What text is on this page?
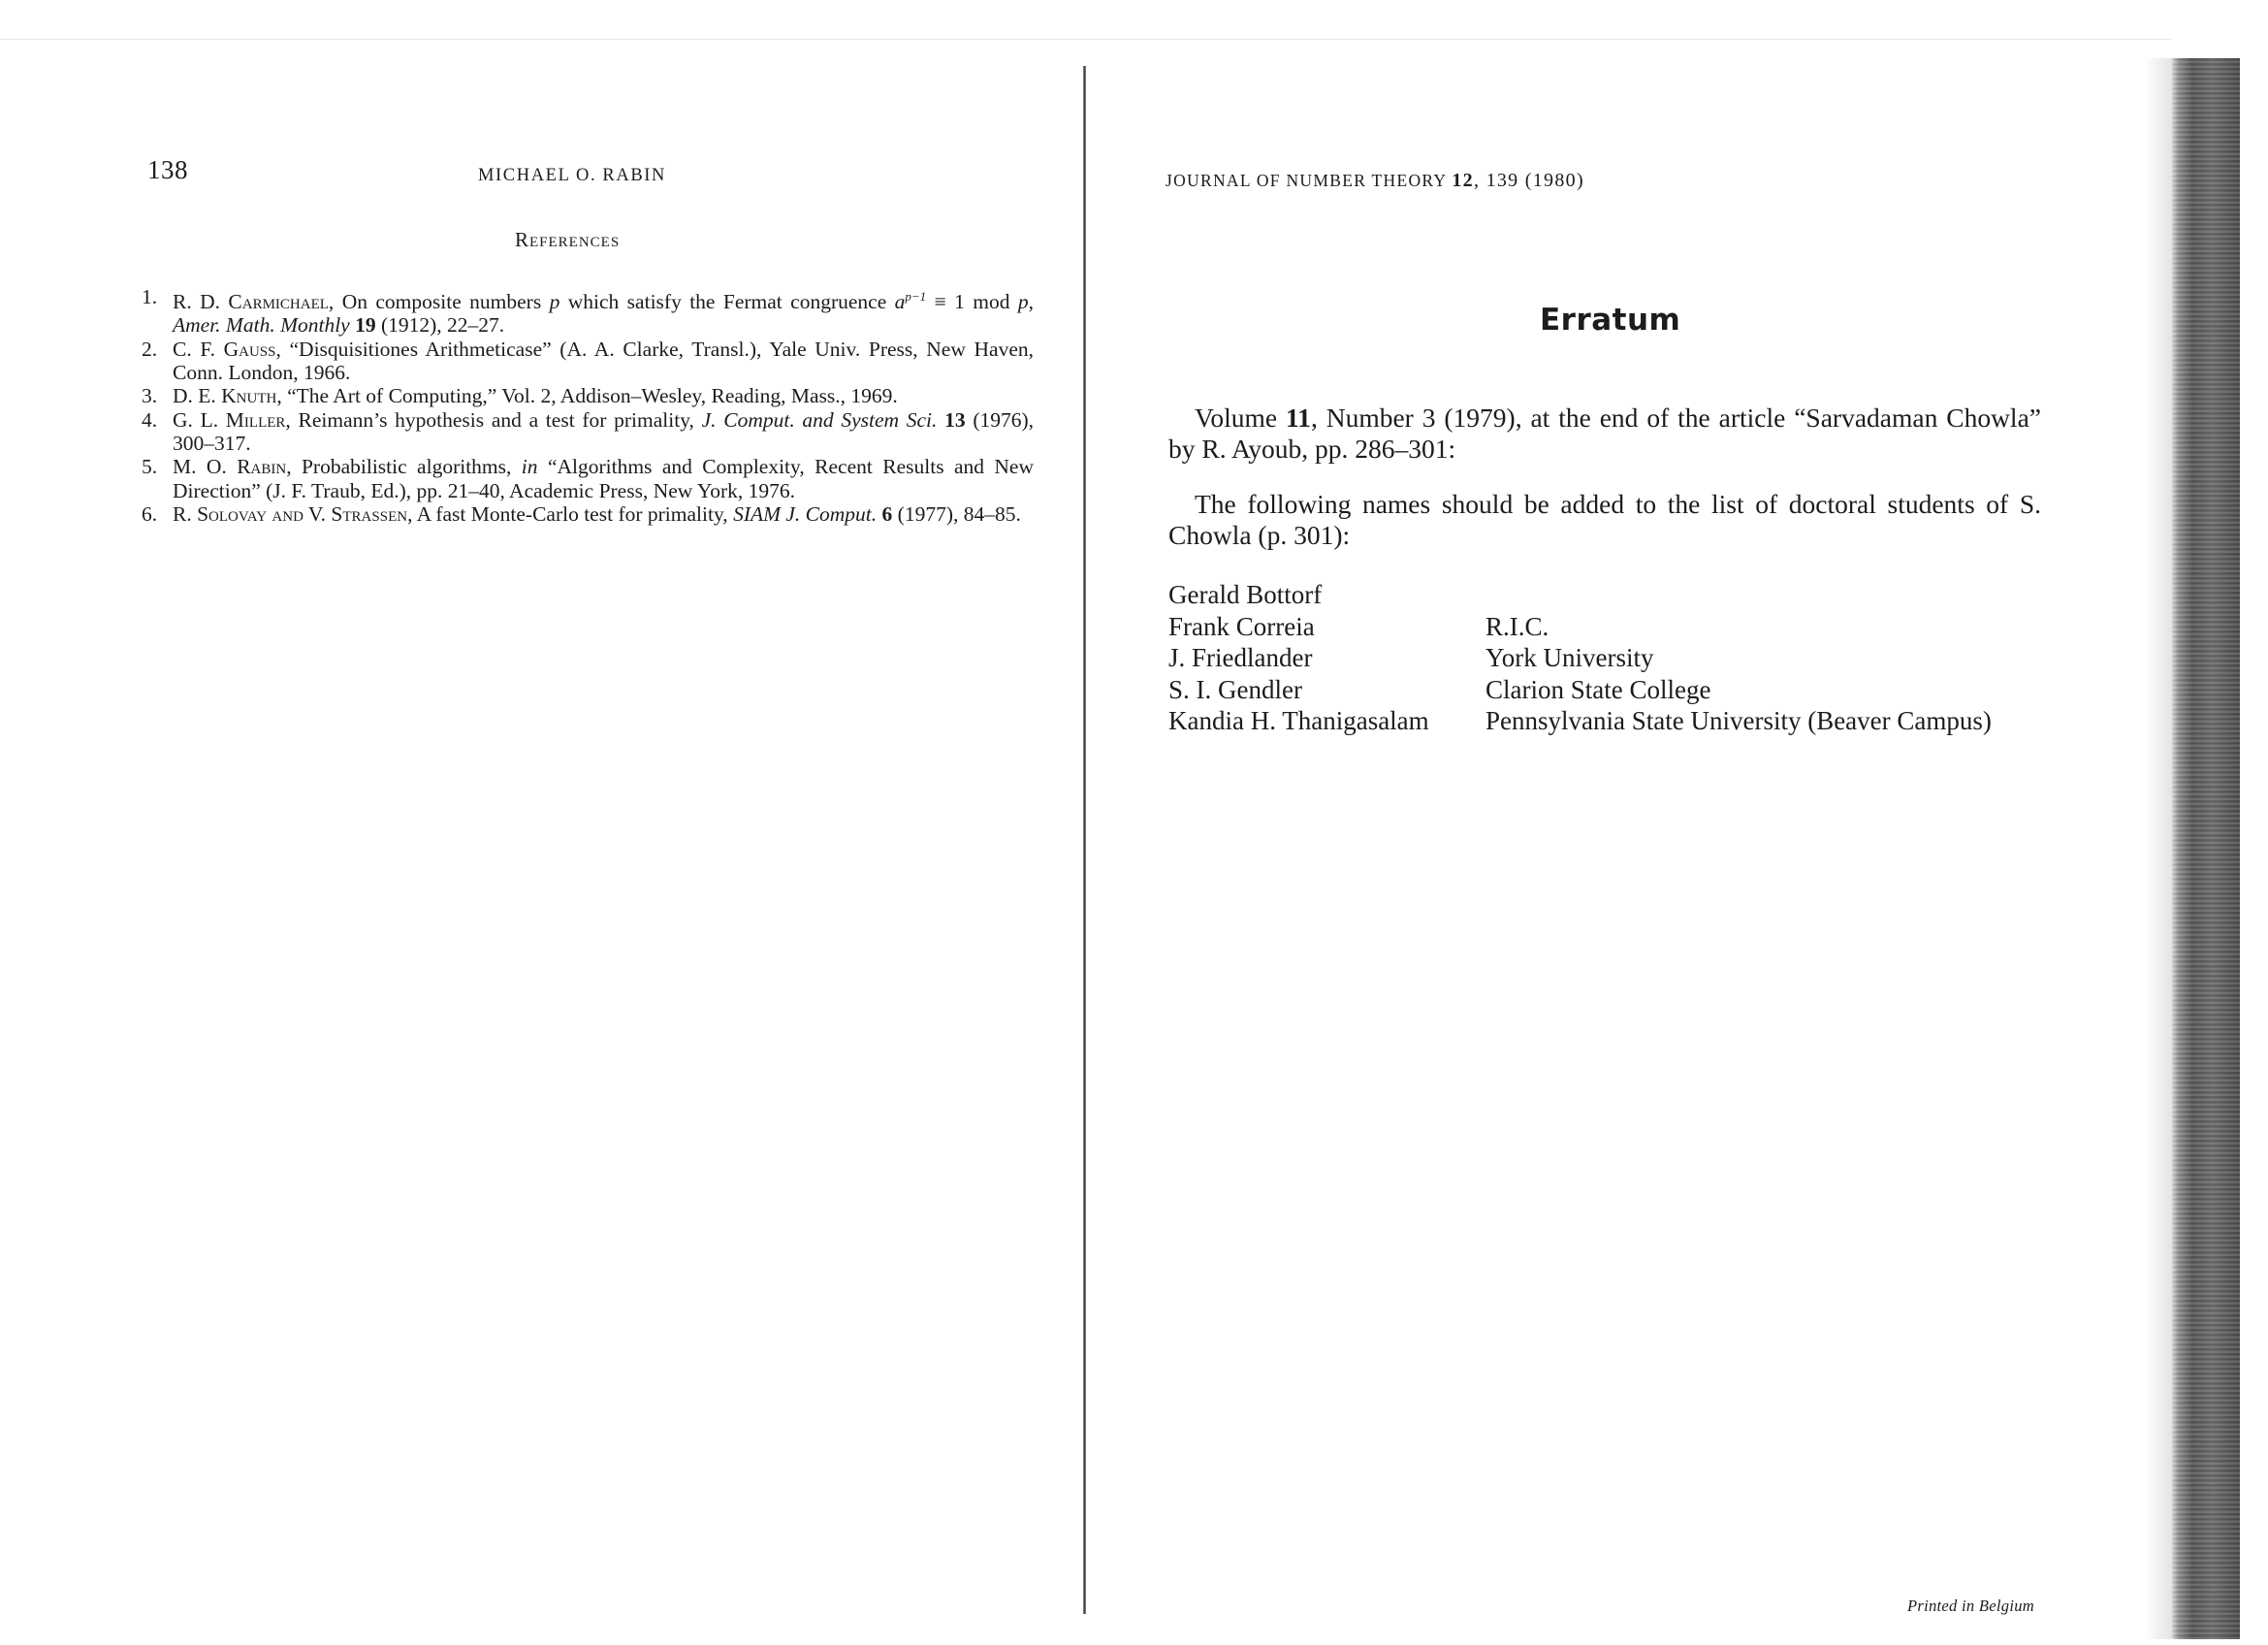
138	MICHAEL O. RABIN
References
1. R. D. Carmichael, On composite numbers p which satisfy the Fermat congruence $a^{p-1} \equiv 1$ mod p, Amer. Math. Monthly 19 (1912), 22–27.
2. C. F. Gauss, “Disquisitiones Arithmeticase” (A. A. Clarke, Transl.), Yale Univ. Press, New Haven, Conn. London, 1966.
3. D. E. Knuth, “The Art of Computing,” Vol. 2, Addison–Wesley, Reading, Mass., 1969.
4. G. L. Miller, Reimann’s hypothesis and a test for primality, J. Comput. and System Sci. 13 (1976), 300–317.
5. M. O. Rabin, Probabilistic algorithms, in “Algorithms and Complexity, Recent Results and New Direction” (J. F. Traub, Ed.), pp. 21–40, Academic Press, New York, 1976.
6. R. Solovay and V. Strassen, A fast Monte-Carlo test for primality, SIAM J. Comput. 6 (1977), 84–85.
JOURNAL OF NUMBER THEORY 12, 139 (1980)
Erratum

Volume 11, Number 3 (1979), at the end of the article “Sarvadaman Chowla” by R. Ayoub, pp. 286–301:

The following names should be added to the list of doctoral students of S. Chowla (p. 301):

Gerald Bottorf	
Frank Correia	R.I.C.
J. Friedlander	York University
S. I. Gendler	Clarion State College
Kandia H. Thanigasalam	Pennsylvania State University (Beaver Campus)
Printed in Belgium
